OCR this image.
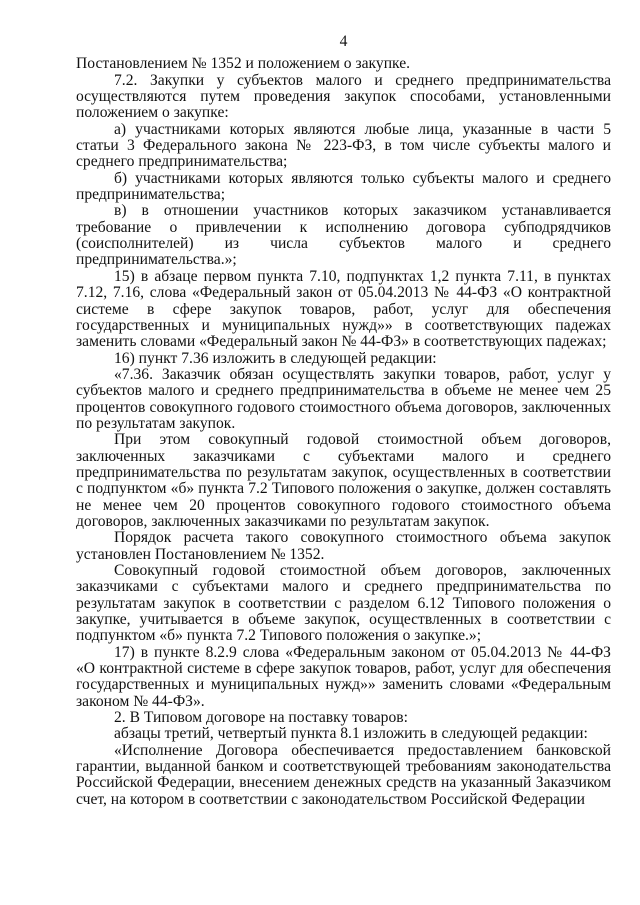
4

Постановлением № 1352 и положением о закупке.

7.2. Закупки у субъектов малого и среднего предпринимательства осуществляются путем проведения закупок способами, установленными положением о закупке:

а) участниками которых являются любые лица, указанные в части 5 статьи 3 Федерального закона № 223-ФЗ, в том числе субъекты малого и среднего предпринимательства;

б) участниками которых являются только субъекты малого и среднего предпринимательства;

в) в отношении участников которых заказчиком устанавливается требование о привлечении к исполнению договора субподрядчиков (соисполнителей) из числа субъектов малого и среднего предпринимательства.»;

15) в абзаце первом пункта 7.10, подпунктах 1,2 пункта 7.11, в пунктах 7.12, 7.16, слова «Федеральный закон от 05.04.2013 № 44-ФЗ «О контрактной системе в сфере закупок товаров, работ, услуг для обеспечения государственных и муниципальных нужд»» в соответствующих падежах заменить словами «Федеральный закон № 44-ФЗ» в соответствующих падежах;

16) пункт 7.36 изложить в следующей редакции:

«7.36. Заказчик обязан осуществлять закупки товаров, работ, услуг у субъектов малого и среднего предпринимательства в объеме не менее чем 25 процентов совокупного годового стоимостного объема договоров, заключенных по результатам закупок.

При этом совокупный годовой стоимостной объем договоров, заключенных заказчиками с субъектами малого и среднего предпринимательства по результатам закупок, осуществленных в соответствии с подпунктом «б» пункта 7.2 Типового положения о закупке, должен составлять не менее чем 20 процентов совокупного годового стоимостного объема договоров, заключенных заказчиками по результатам закупок.

Порядок расчета такого совокупного стоимостного объема закупок установлен Постановлением № 1352.

Совокупный годовой стоимостной объем договоров, заключенных заказчиками с субъектами малого и среднего предпринимательства по результатам закупок в соответствии с разделом 6.12 Типового положения о закупке, учитывается в объеме закупок, осуществленных в соответствии с подпунктом «б» пункта 7.2 Типового положения о закупке.»;

17) в пункте 8.2.9 слова «Федеральным законом от 05.04.2013 № 44-ФЗ «О контрактной системе в сфере закупок товаров, работ, услуг для обеспечения государственных и муниципальных нужд»» заменить словами «Федеральным законом № 44-ФЗ».

2. В Типовом договоре на поставку товаров:

абзацы третий, четвертый пункта 8.1 изложить в следующей редакции:

«Исполнение Договора обеспечивается предоставлением банковской гарантии, выданной банком и соответствующей требованиям законодательства Российской Федерации, внесением денежных средств на указанный Заказчиком счет, на котором в соответствии с законодательством Российской Федерации
